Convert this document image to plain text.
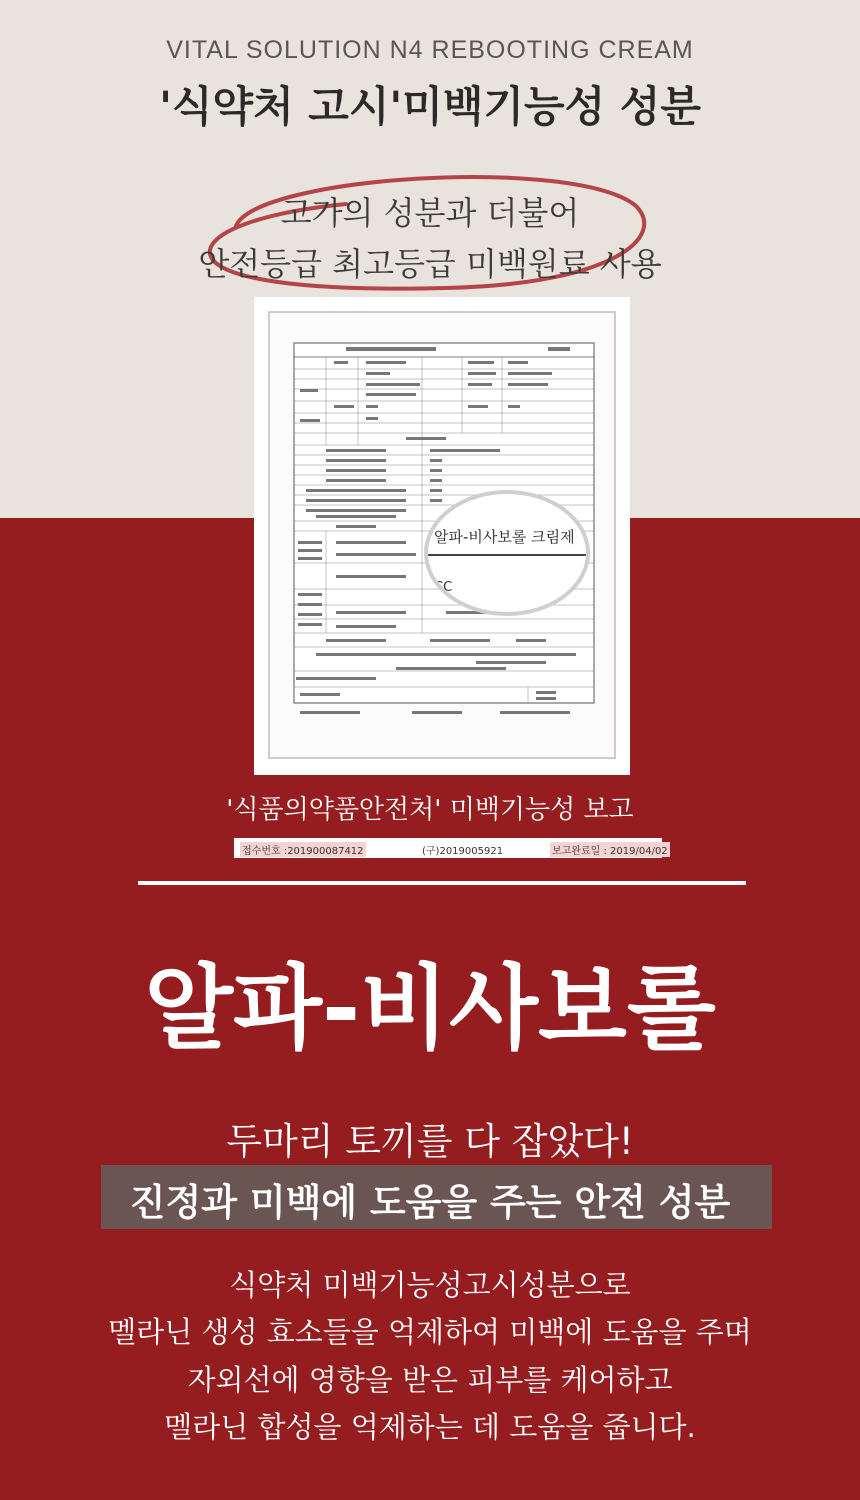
VITAL SOLUTION N4 REBOOTING CREAM
'식약처 고시'미백기능성 성분
고가의 성분과 더불어
안전등급 최고등급 미백원료 사용
알파-비사보롤 크림제
CC
'식품의약품안전처' 미백기능성 보고
접수번호 :201900087412	(구)2019005921	보고완료일 : 2019/04/02
알파-비사보롤
두마리 토끼를 다 잡았다!
진정과 미백에 도움을 주는 안전 성분
식약처 미백기능성고시성분으로
멜라닌 생성 효소들을 억제하여 미백에 도움을 주며
자외선에 영향을 받은 피부를 케어하고
멜라닌 합성을 억제하는 데 도움을 줍니다.
